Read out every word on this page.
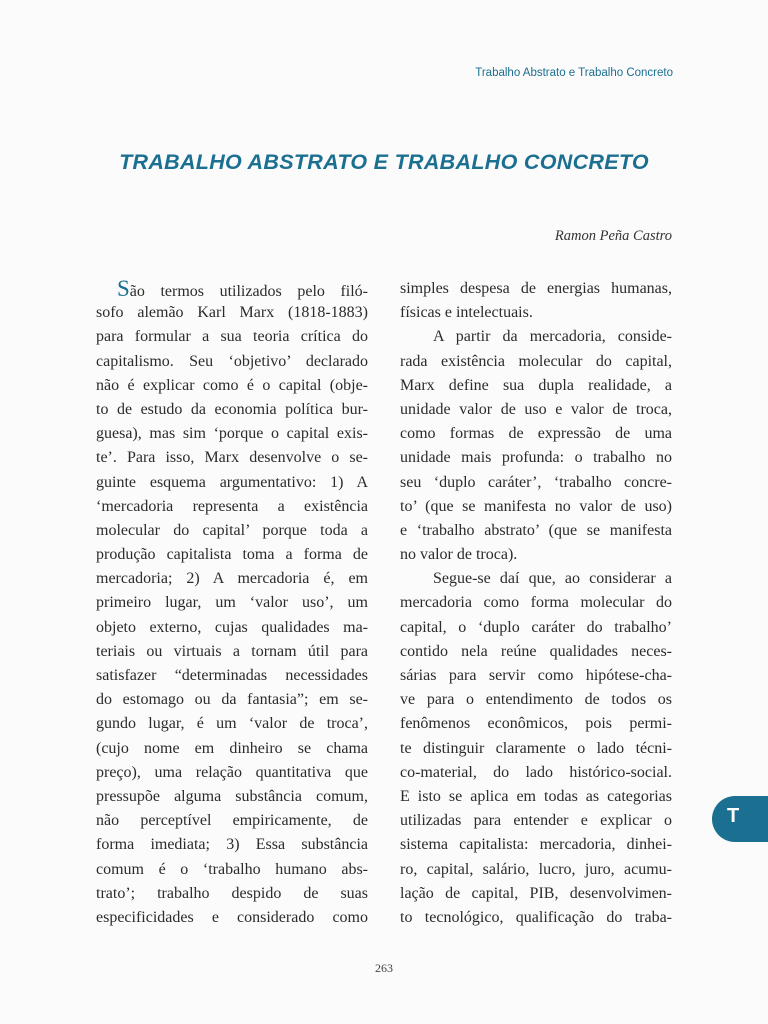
Trabalho Abstrato e Trabalho Concreto
TRABALHO ABSTRATO E TRABALHO CONCRETO
Ramon Peña Castro
São termos utilizados pelo filó-
sofo alemão Karl Marx (1818-1883)
para formular a sua teoria crítica do
capitalismo. Seu ‘objetivo’ declarado
não é explicar como é o capital (obje-
to de estudo da economia política bur-
guesa), mas sim ‘porque o capital exis-
te’. Para isso, Marx desenvolve o se-
guinte esquema argumentativo: 1) A
‘mercadoria representa a existência
molecular do capital’ porque toda a
produção capitalista toma a forma de
mercadoria; 2) A mercadoria é, em
primeiro lugar, um ‘valor uso’, um
objeto externo, cujas qualidades ma-
teriais ou virtuais a tornam útil para
satisfazer “determinadas necessidades
do estomago ou da fantasia”; em se-
gundo lugar, é um ‘valor de troca’,
(cujo nome em dinheiro se chama
preço), uma relação quantitativa que
pressupõe alguma substância comum,
não perceptível empiricamente, de
forma imediata; 3) Essa substância
comum é o ‘trabalho humano abs-
trato’; trabalho despido de suas
especificidades e considerado como
simples despesa de energias humanas,
físicas e intelectuais.
A partir da mercadoria, conside-
rada existência molecular do capital,
Marx define sua dupla realidade, a
unidade valor de uso e valor de troca,
como formas de expressão de uma
unidade mais profunda: o trabalho no
seu ‘duplo caráter’, ‘trabalho concre-
to’ (que se manifesta no valor de uso)
e ‘trabalho abstrato’ (que se manifesta
no valor de troca).
Segue-se daí que, ao considerar a
mercadoria como forma molecular do
capital, o ‘duplo caráter do trabalho’
contido nela reúne qualidades neces-
sárias para servir como hipótese-cha-
ve para o entendimento de todos os
fenômenos econômicos, pois permi-
te distinguir claramente o lado técni-
co-material, do lado histórico-social.
E isto se aplica em todas as categorias
utilizadas para entender e explicar o
sistema capitalista: mercadoria, dinhei-
ro, capital, salário, lucro, juro, acumu-
lação de capital, PIB, desenvolvimen-
to tecnológico, qualificação do traba-
T
263
